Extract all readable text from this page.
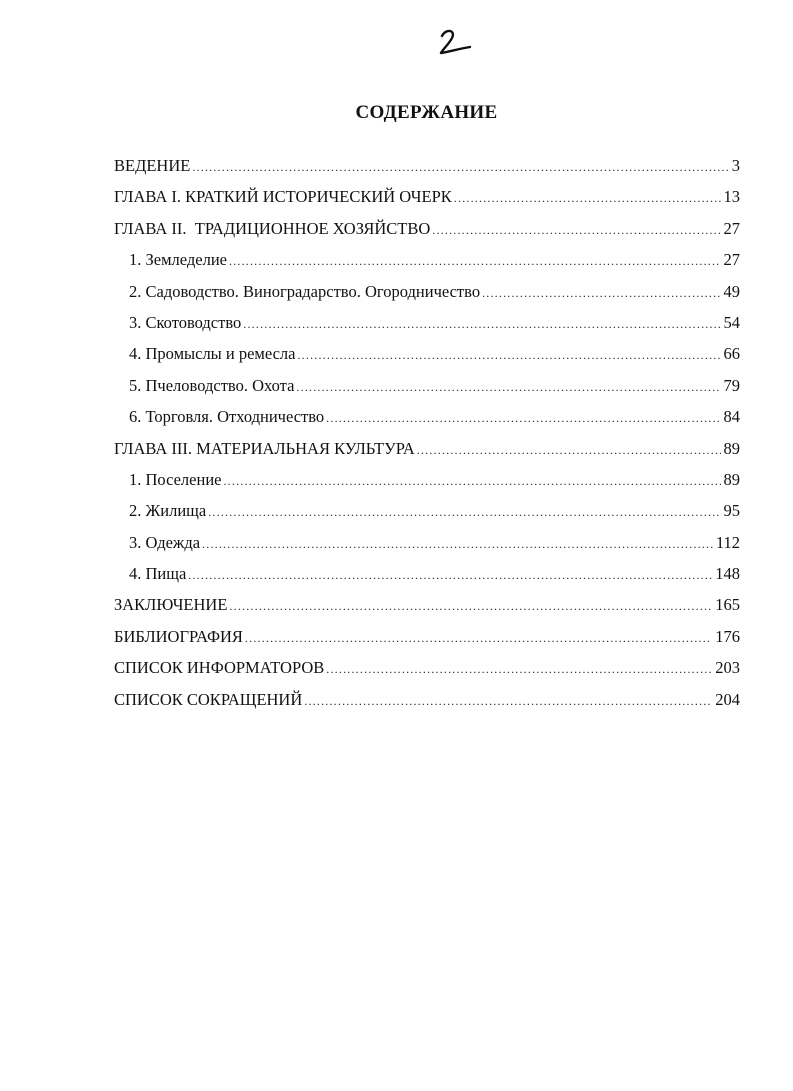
СОДЕРЖАНИЕ
ВЕДЕНИЕ .....	3
ГЛАВА I. КРАТКИЙ ИСТОРИЧЕСКИЙ ОЧЕРК .....	13
ГЛАВА II.  ТРАДИЦИОННОЕ ХОЗЯЙСТВО .....	27
1. Земледелие .....	27
2. Садоводство. Виноградарство. Огородничество .....	49
3. Скотоводство .....	54
4. Промыслы и ремесла .....	66
5. Пчеловодство. Охота .....	79
6. Торговля. Отходничество .....	84
ГЛАВА III. МАТЕРИАЛЬНАЯ КУЛЬТУРА .....	89
1. Поселение .....	89
2. Жилища .....	95
3. Одежда .....	112
4. Пища .....	148
ЗАКЛЮЧЕНИЕ .....	165
БИБЛИОГРАФИЯ .....	176
СПИСОК ИНФОРМАТОРОВ .....	203
СПИСОК СОКРАЩЕНИЙ .....	204
